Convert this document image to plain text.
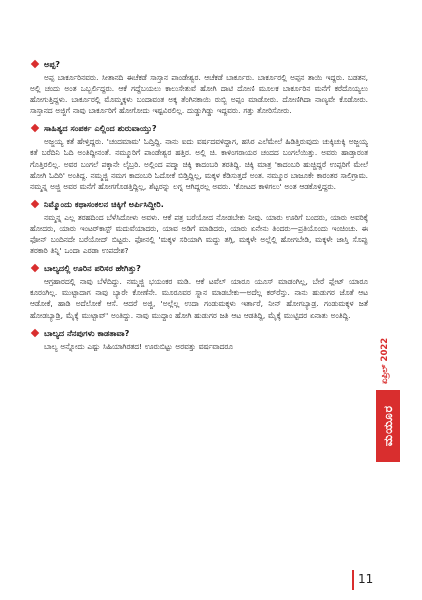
ಅಪ್ಪ?

ಅಪ್ಪ ಬಾರ್ಕೂರಿನವರು. ಸೀತಾನದಿ ಈಚೆಕಡೆ ಸಾಸ್ತಾನ ಪಾಂಡೇಶ್ವರ. ಆಚೆಕಡೆ ಬಾರ್ಕೂರು. ಬಾರ್ಕೂರಲ್ಲಿ ಅಪ್ಪನ ತಾಯಿ ಇದ್ದರು. ಬಡತನ, ಅಲ್ಲಿ ಚಂದು ಅಂತ ಒಬ್ಬರ್ಲಿದ್ದರು. ಆಕೆ ಗದ್ದೆಬಯಲು ಕಾಲುಸೇತುವೆ ಹೋಗಿ ದಾಟಿ ದೋಣಿ ಮೂಲಕ ಬಾರ್ಕೂರಿನ ಮನೆಗೆ ಕರೆದೊಯ್ಯಲು ಹೋಗುತ್ತಿದ್ದಳು. ಬಾರ್ಕೂರಲ್ಲಿ ಮೊಮ್ಮಕ್ಕಳು ಬಂದಾವಂತ ಅಕ್ಕ ತೆಂಗಿನಕಾಯಿ ರುಬ್ಬಿ ಅಪ್ಪಂ ಮಾಡೋರು. ದೋಣಿಗಿದಾ ನಾಣ್ಯವೇ ಕೊಡೋರು. ಸಾಸ್ತಾನದ ಅಜ್ಜಿಗೆ ನಾವು ಬಾರ್ಕೂರಿಗೆ ಹೋಗೋದು ಇಷ್ಟವಿರಲಿಲ್ಲ. ದುಡ್ಡುಗಿಡ್ಡು ಇದ್ದವರು. ಗತ್ತು ತೋರಿಸೋರು.

ಸಾಹಿತ್ಯದ ಸಂಪರ್ಕ ಎಲ್ಲಿಂದ ಶುರುವಾಯ್ತು?

ಅಜ್ಜಯ್ಯ ಕತೆ ಹೇಳ್ತಿದ್ದರು. 'ಚಂದಮಾಮ' ಓದ್ತಿದ್ದಿ. ನಾನು ಐದು ವರ್ಷದವಳಿದ್ದಾಗ, ಹಸಿರ ಎಲೆಮೇಲೆ ಹಿಡಿತ್ತಿರುವುದು ಚುಕ್ಕಿಚುಕ್ಕಿ ಅಜ್ಜಯ್ಯ ಕತೆ ಬರೆದಿನಿ ಓದಿ ಅಂತಿದ್ದೀನಂತೆ. ನಮ್ಮೂರಿಗೆ ಪಾಂಡೇಶ್ವರ ಹತ್ತಿರ. ಅಲ್ಲಿ ಚಿ. ಕಾಳಿಂಗರಾಯರ ಚಂದದ ಬಂಗಲೆಯಿತ್ತು. ಅವರು ಹಾಡ್ತಾರಂತ ಗೊತ್ತಿರಲಿಲ್ಲ. ಅವರ ಬಂಗಲೆ ಪಕ್ಕಾನೇ ಲೈಬ್ರರಿ. ಅಲ್ಲಿಂದ ಪದ್ಮಾ ಚಿಕ್ಕಿ ಕಾದಂಬರಿ ತರತಿದ್ದಿ. ಚಿಕ್ಕಿ ಮಾತ್ರ 'ಕಾದಂಬರಿ ಹುಚ್ಚಿದ್ದರೆ ಉಪ್ಪರಿಗೆ ಮೇಲೆ ಹೋಗಿ ಓದಿರಿ' ಅಂತಿದ್ದ. ನಮ್ಮಜ್ಜಿ ನಮಗ ಕಾದಂಬರಿ ಓದೋಕೆ ಬಿಡ್ತಿದ್ದಿಲ್ಲ, ಮಕ್ಕಳ ಕೆಡಿಸುತ್ತದೆ ಅಂತ. ನಮ್ಮೂರ ಬಾಜೂಕೇ ಕಾರಂತರ ಸಾಲಿಗ್ರಾಮ. ನಮ್ಮನ್ನ ಅಜ್ಜಿ ಅವರ ಮನೆಗೆ ಹೋಗಗೊಡತ್ತಿದ್ದಿಲ್ಲ, ಶೆಟ್ಟರನ್ನು ಲಗ್ನ ಆಗಿದ್ದರಲ್ಲ ಅವರು. 'ಕೋಟದ ಕಾಳಿಗಲು' ಅಂತ ಆಡಕೊಳ್ತಿದ್ದರು.

ನಿಮ್ಮೊಂದು ಕಥಾಸಂಕಲನ ಚಿಕ್ಕಿಗೆ ಅರ್ಪಿಸಿದ್ದೀರಿ.

ನಮ್ಮನ್ನ ಎಲ್ಲ ತರಹದಿಂದ ಬೆಳೆಸಿದೋಳು ಅವಳು. ಆಕೆ ಪತ್ರ ಬರೆಯೋದ ನೋಡಬೇಕು ನೀವು. ಯಾರು ಊರಿಗೆ ಬಂದರು, ಯಾರು ಅವರಿಕ್ಕೆ ಹೋದರು, ಯಾರು ಇಂಟರ್‌ಕಾಸ್ಟ್ ಮದುವೆಯಾದರು, ಯಾವ ಅಡಿಗೆ ಮಾಡಿದರು, ಯಾರು ಏನೇನು ತಿಂದರು—ಪ್ರತಿಯೊಂದು ಇಂಚಿಂಚು. ಈ ಫೋನ್ ಬಂದಿನದೇ ಬರೆಯೋದ್ ಬಿಟ್ಟರು. ಫೋನಲ್ಲಿ 'ಮಕ್ಕಳ ಸರಿಯಾಗಿ ಮದ್ದು ತಗ್ಗಿ, ಮಕ್ಕಳೇ ಅಲ್ಲೆಲ್ಲಿ ಹೋಗಬೇಡಿ, ಮಕ್ಕಳೇ ಜಾಸ್ತಿ ಸೊಪ್ಪು ತರಕಾರಿ ತಿನ್ನಿ' ಒಂದಾ ಎರಡಾ ಉಪದೇಶ?

ಬಾಲ್ಯದಲ್ಲಿ ಊರಿನ ಪರಿಸರ ಹೇಗಿತ್ತು?

ಆಗ್ರಹಾರದಲ್ಲಿ ನಾವು ಬೆಳೆದಿದ್ದು. ನಮ್ಮಜ್ಜಿ ಭಯಂಕರ ಮಡಿ. ಆಕೆ ಟವೆಲ್ ಯಾರೂ ಯೂಸ್ ಮಾಡಂಗಿಲ್ಲ, ಬೇರೆ ಪ್ಲೇಟ್ ಯಾರೂ ಕೂರಂಗಿಲ್ಲ. ಮುಟ್ಟಾದಾಗ ನಾವು ಬ್ಯಾರೇ ಕೋಣೆನೇ. ಮೂರೂವರ ಸ್ನಾನ ಮಾಡಬೇಕು—ಅದೆಲ್ಲ ಕರ್‌ರೆನ್ತು. ನಾನು ಹುಡುಗರ ಜೊತೆ ಆಟ ಆಡೋಕೆ, ಹಾಡಿ ಅದೆಲೋಕೆ ಆಸೆ. ಆದರೆ ಅಜ್ಜಿ, 'ಅಲ್ಲೆಲ್ಲ ಉದಾ ಗಂಡುಮಕ್ಕಳು ಇರ್ತಾರೆ, ನೀನ್ ಹೋಗಬ್ಯಾಡ್ರ. ಗಂಡುಮಕ್ಕಳ ಜತೆ ಹೋಡಬ್ಯಾಡ್ರಿ, ಮೈಕ್ಕೆ ಮುಟ್ಟಾವ್' ಅಂತಿದ್ದು. ನಾವು ಮುದ್ದಾಂ ಹೋಗಿ ಹುಡುಗರ ಜತಿ ಆಟ ಆಡತಿದ್ದಿ, ಮೈಕ್ಕೆ ಮುಟ್ಟಿದರ ಏನಾತು ಅಂತಿದ್ದಿ.

ಬಾಲ್ಯದ ನೆನಪುಗಳು ಕಾಡತಾವಾ?

ಬಾಲ್ಯ ಅನ್ನೋದು ಎಷ್ಟು ಸಿಹಿಯಾಗಿರತದ! ಊರುಬಿಟ್ಟು ಅರವತ್ತು ವರ್ಷವಾದರೂ	ಏಪ್ರಿಲ್ 2022
ಮಯೂರ
11
